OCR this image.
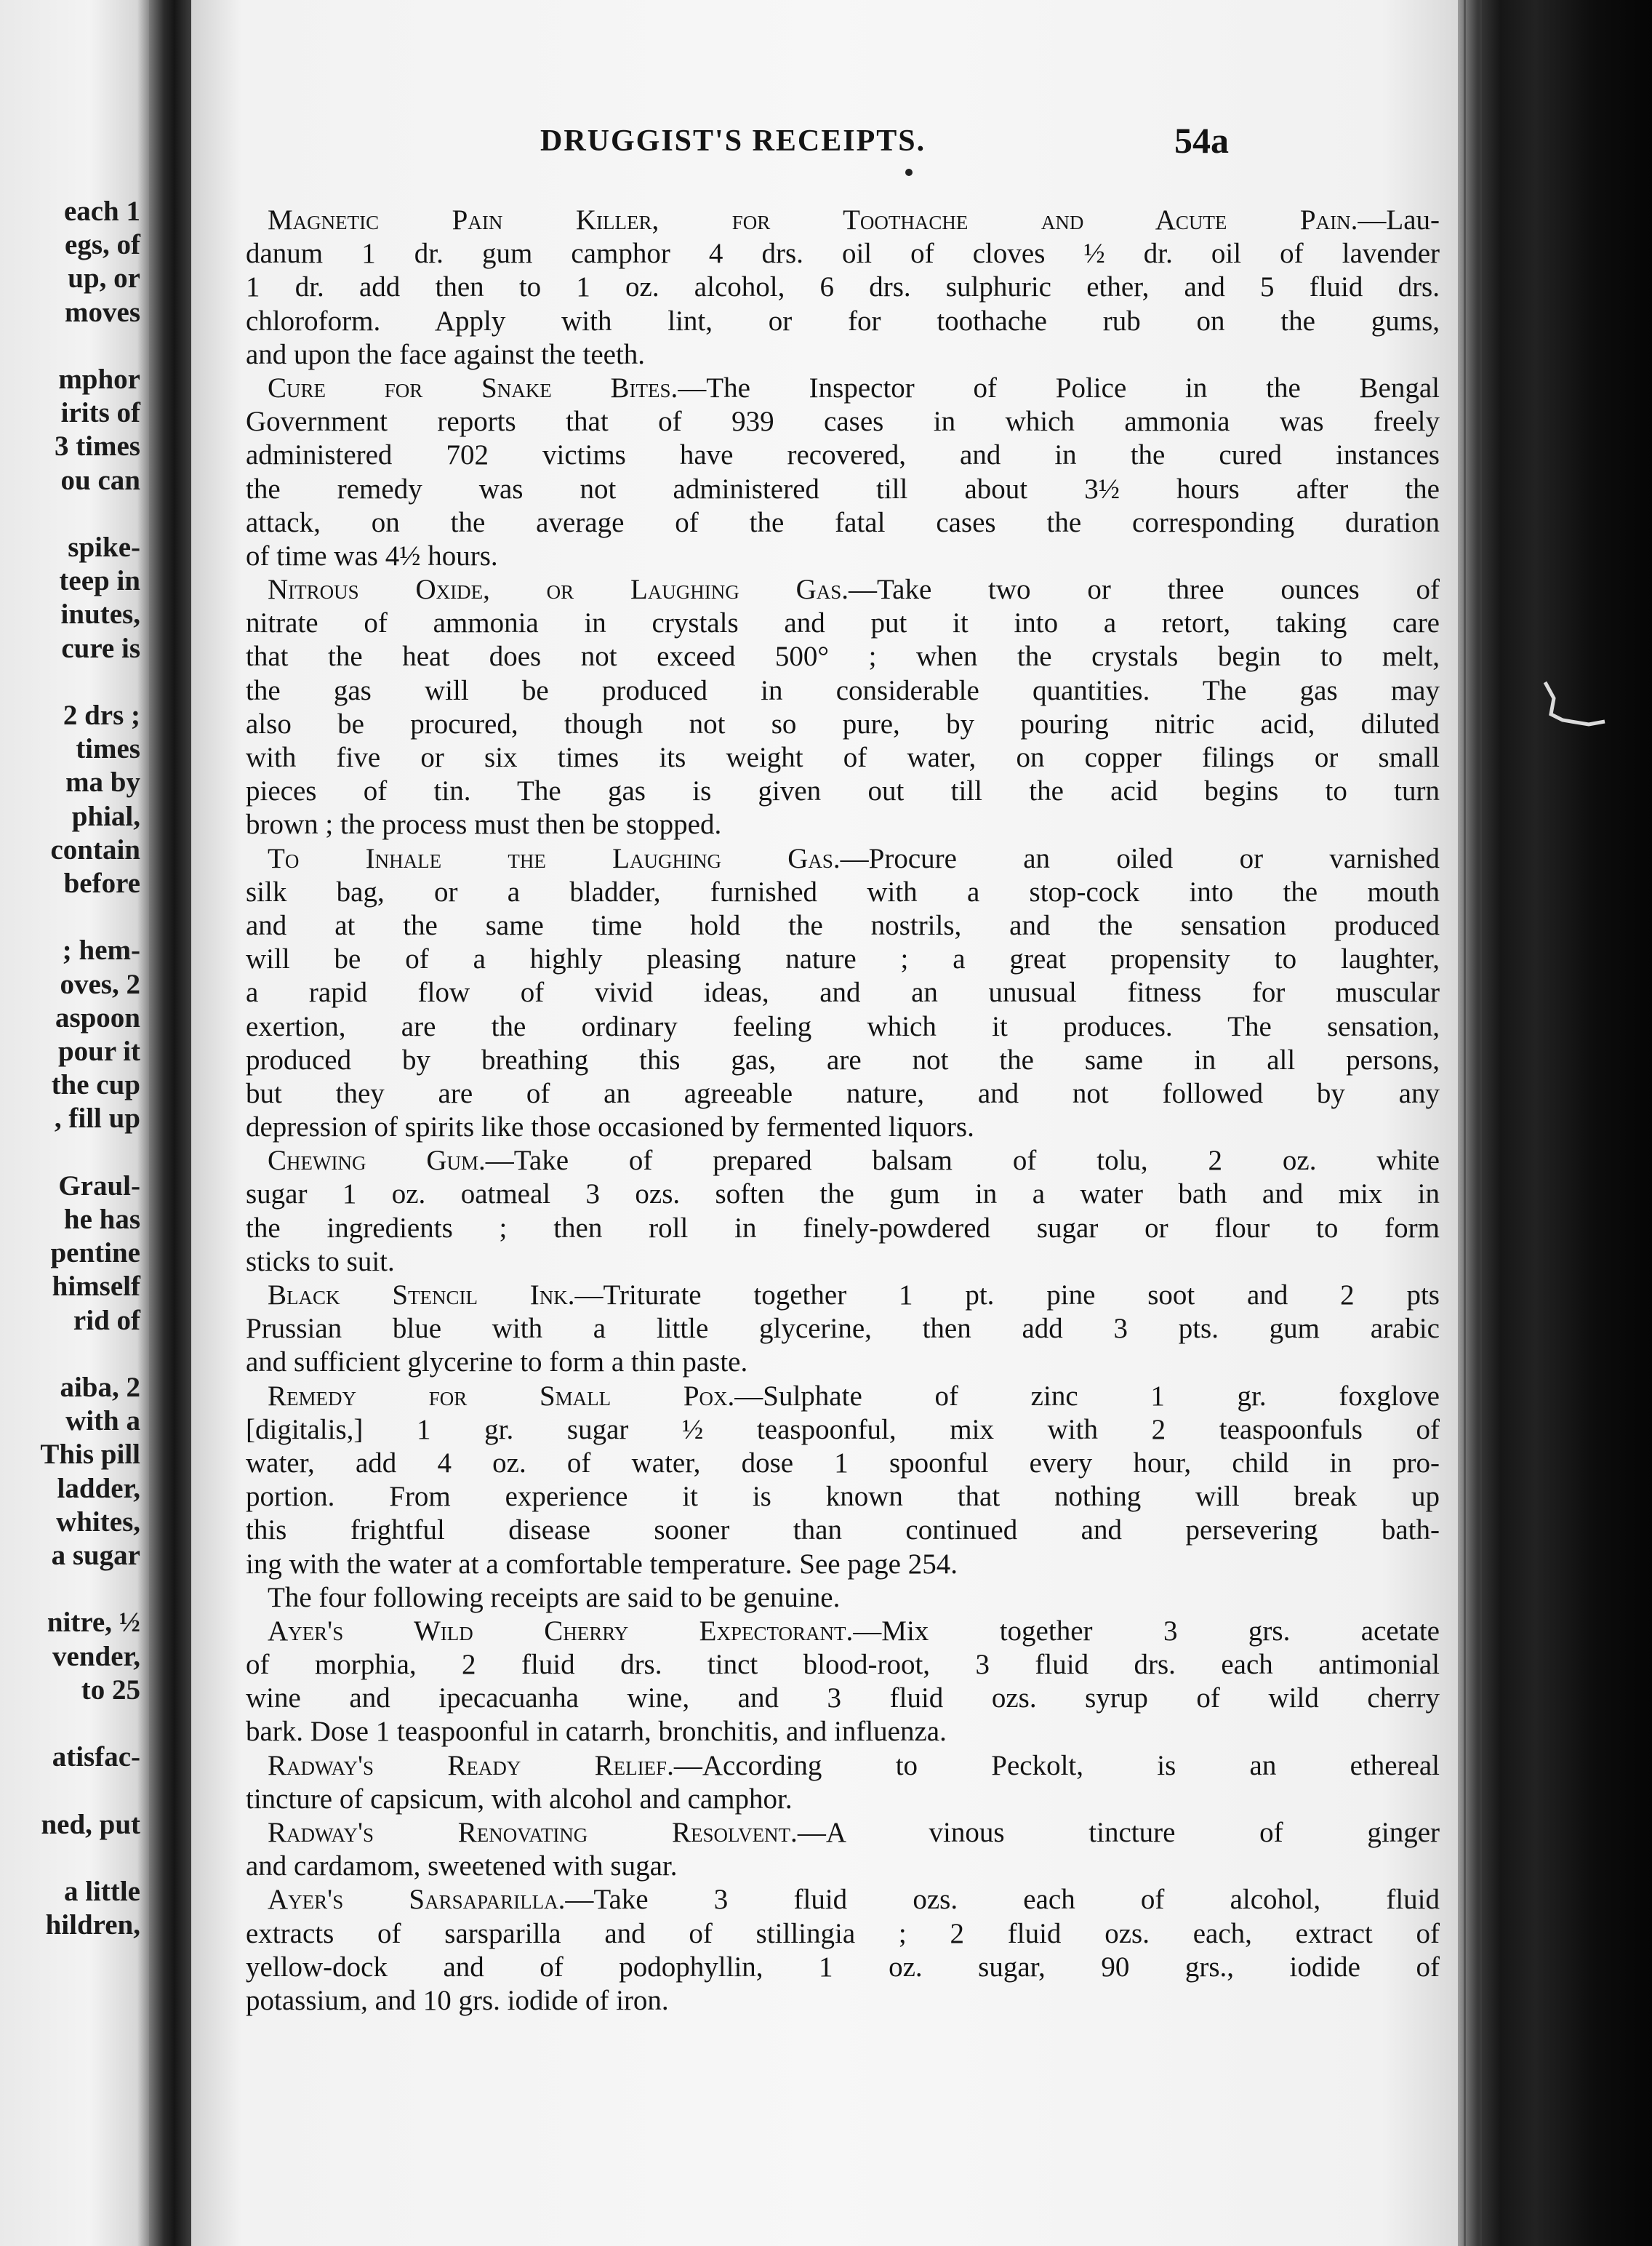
each 1
egs, of
up, or
moves
mphor
irits of
3 times
ou can
spike-
teep in
inutes,
cure is
2 drs ;
times
ma by
phial,
contain
before
; hem-
oves, 2
aspoon
pour it
the cup
, fill up
Graul-
he has
pentine
himself
rid of
aiba, 2
with a
This pill
ladder,
whites,
a sugar
nitre, ½
vender,
to 25
atisfac-
ned, put
a little
hildren,
DRUGGIST'S RECEIPTS.	54a
Magnetic Pain Killer, for Toothache and Acute Pain.—Lau-
danum 1 dr. gum camphor 4 drs. oil of cloves ½ dr. oil of lavender
1 dr. add then to 1 oz. alcohol, 6 drs. sulphuric ether, and 5 fluid drs.
chloroform. Apply with lint, or for toothache rub on the gums,
and upon the face against the teeth.
Cure for Snake Bites.—The Inspector of Police in the Bengal
Government reports that of 939 cases in which ammonia was freely
administered 702 victims have recovered, and in the cured instances
the remedy was not administered till about 3½ hours after the
attack, on the average of the fatal cases the corresponding duration
of time was 4½ hours.
Nitrous Oxide, or Laughing Gas.—Take two or three ounces of
nitrate of ammonia in crystals and put it into a retort, taking care
that the heat does not exceed 500° ; when the crystals begin to melt,
the gas will be produced in considerable quantities. The gas may
also be procured, though not so pure, by pouring nitric acid, diluted
with five or six times its weight of water, on copper filings or small
pieces of tin. The gas is given out till the acid begins to turn
brown ; the process must then be stopped.
To Inhale the Laughing Gas.—Procure an oiled or varnished
silk bag, or a bladder, furnished with a stop-cock into the mouth
and at the same time hold the nostrils, and the sensation produced
will be of a highly pleasing nature ; a great propensity to laughter,
a rapid flow of vivid ideas, and an unusual fitness for muscular
exertion, are the ordinary feeling which it produces. The sensation,
produced by breathing this gas, are not the same in all persons,
but they are of an agreeable nature, and not followed by any
depression of spirits like those occasioned by fermented liquors.
Chewing Gum.—Take of prepared balsam of tolu, 2 oz. white
sugar 1 oz. oatmeal 3 ozs. soften the gum in a water bath and mix in
the ingredients ; then roll in finely-powdered sugar or flour to form
sticks to suit.
Black Stencil Ink.—Triturate together 1 pt. pine soot and 2 pts
Prussian blue with a little glycerine, then add 3 pts. gum arabic
and sufficient glycerine to form a thin paste.
Remedy for Small Pox.—Sulphate of zinc 1 gr. foxglove
[digitalis,] 1 gr. sugar ½ teaspoonful, mix with 2 teaspoonfuls of
water, add 4 oz. of water, dose 1 spoonful every hour, child in pro-
portion. From experience it is known that nothing will break up
this frightful disease sooner than continued and persevering bath-
ing with the water at a comfortable temperature. See page 254.
The four following receipts are said to be genuine.
Ayer's Wild Cherry Expectorant.—Mix together 3 grs. acetate
of morphia, 2 fluid drs. tinct blood-root, 3 fluid drs. each antimonial
wine and ipecacuanha wine, and 3 fluid ozs. syrup of wild cherry
bark. Dose 1 teaspoonful in catarrh, bronchitis, and influenza.
Radway's Ready Relief.—According to Peckolt, is an ethereal
tincture of capsicum, with alcohol and camphor.
Radway's Renovating Resolvent.—A vinous tincture of ginger
and cardamom, sweetened with sugar.
Ayer's Sarsaparilla.—Take 3 fluid ozs. each of alcohol, fluid
extracts of sarsparilla and of stillingia ; 2 fluid ozs. each, extract of
yellow-dock and of podophyllin, 1 oz. sugar, 90 grs., iodide of
potassium, and 10 grs. iodide of iron.
